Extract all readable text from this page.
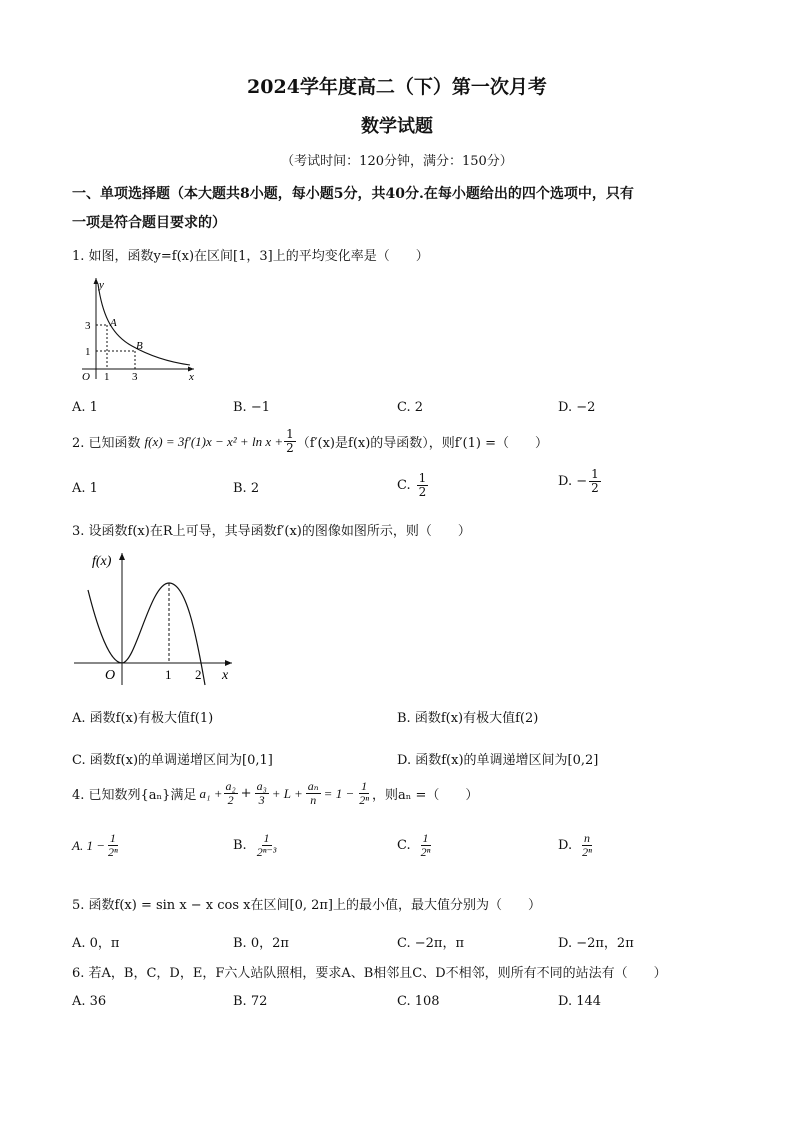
2024学年度高二（下）第一次月考
数学试题
（考试时间：120分钟，满分：150分）
一、单项选择题（本大题共8小题，每小题5分，共40分.在每小题给出的四个选项中，只有
一项是符合题目要求的）
1. 如图，函数y=f(x)在区间[1，3]上的平均变化率是（　　）
y
x
O
3
1
1 3
A
B
A. 1	B. −1	C. 2	D. −2
2. 已知函数 $f(x) = 3f'(1)x - x^2 + \ln x + \frac{1}{2} (f'(x)$是f(x)的导函数），则f′(1) =（　　）
A. 1	B. 2	C. $\frac{1}{2}$	D. − $\frac{1}{2}$
3. 设函数f(x)在R上可导，其导函数f′(x)的图像如图所示，则（　　）
f(x)
O	1 2 x
A. 函数f(x)有极大值f(1)	B. 函数f(x)有极大值f(2)
C. 函数f(x)的单调递增区间为[0,1]	D. 函数f(x)的单调递增区间为[0,2]
4. 已知数列{aₙ}满足 $a_1 + \frac{\text{a₂}}{2} + \frac{\text{a₃}}{3} + L + \frac{\text{aₙ}}{n} = 1 - \frac{1}{\text{2ⁿ}}$ ，则aₙ =（　　）
A. $1 - \frac{1}{\text{2ⁿ}}$	B. $\frac{1}{\text{2ⁿ⁻³}}$	C. $\frac{1}{\text{2ⁿ}}$	D. $\frac{n}{\text{2ⁿ}}$
5. 函数f(x) = sin x − x cos x在区间[0, 2π]上的最小值，最大值分别为（　　）
A. 0，π	B. 0，2π	C. −2π，π	D. −2π，2π
6. 若A，B，C，D，E，F六人站队照相，要求A、B相邻且C、D不相邻，则所有不同的站法有（　　）
A. 36	B. 72	C. 108	D. 144
